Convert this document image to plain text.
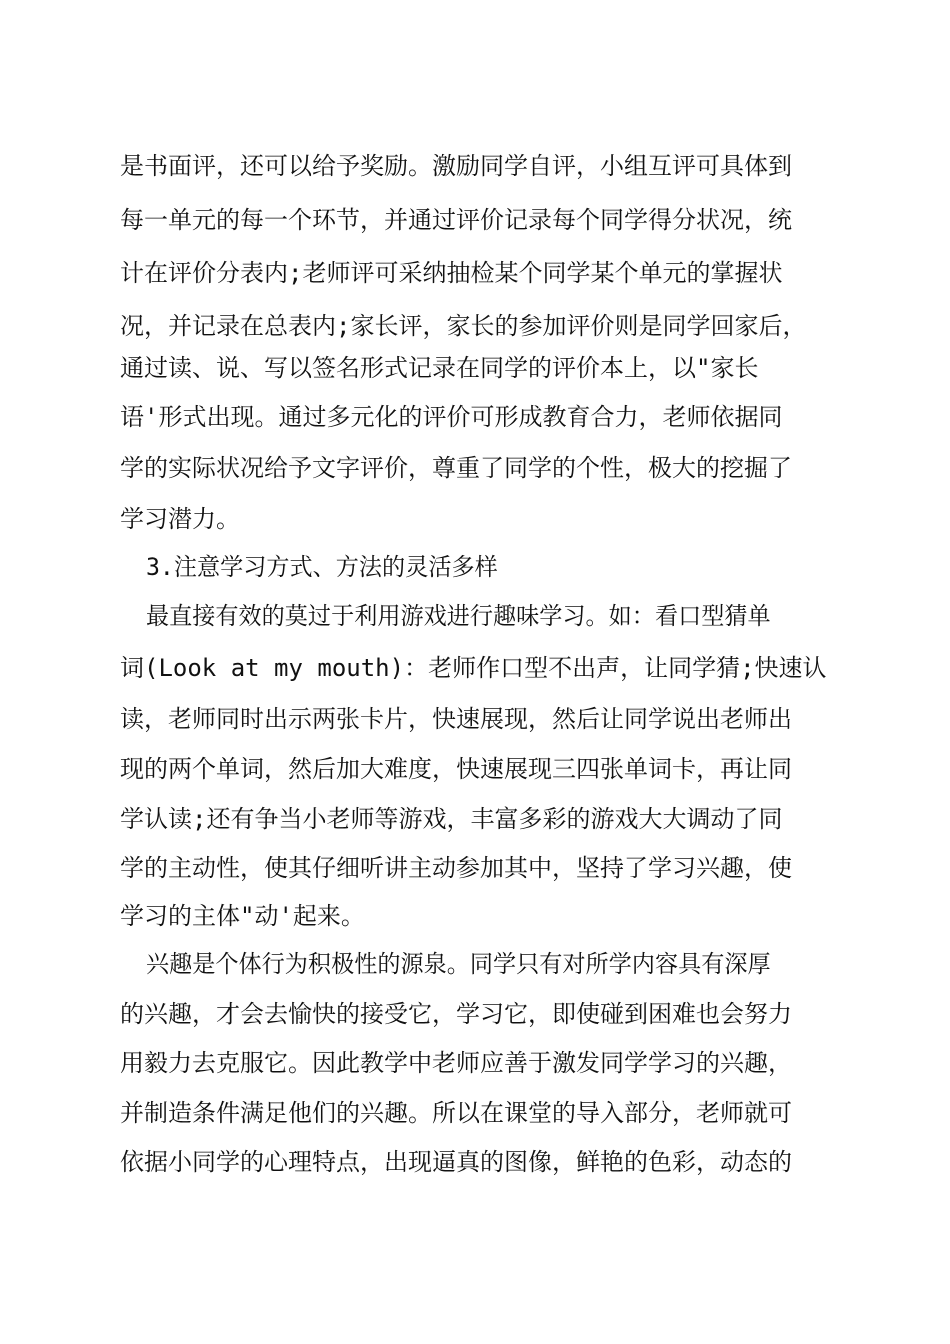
是书面评，还可以给予奖励。激励同学自评，小组互评可具体到
每一单元的每一个环节，并通过评价记录每个同学得分状况，统
计在评价分表内;老师评可采纳抽检某个同学某个单元的掌握状
况，并记录在总表内;家长评，家长的参加评价则是同学回家后，
通过读、说、写以签名形式记录在同学的评价本上，以"家长
语'形式出现。通过多元化的评价可形成教育合力，老师依据同
学的实际状况给予文字评价，尊重了同学的个性，极大的挖掘了
学习潜力。
3.注意学习方式、方法的灵活多样
最直接有效的莫过于利用游戏进行趣味学习。如：看口型猜单
词(Look at my mouth)：老师作口型不出声，让同学猜;快速认
读，老师同时出示两张卡片，快速展现，然后让同学说出老师出
现的两个单词，然后加大难度，快速展现三四张单词卡，再让同
学认读;还有争当小老师等游戏，丰富多彩的游戏大大调动了同
学的主动性，使其仔细听讲主动参加其中，坚持了学习兴趣，使
学习的主体"动'起来。
兴趣是个体行为积极性的源泉。同学只有对所学内容具有深厚
的兴趣，才会去愉快的接受它，学习它，即使碰到困难也会努力
用毅力去克服它。因此教学中老师应善于激发同学学习的兴趣，
并制造条件满足他们的兴趣。所以在课堂的导入部分，老师就可
依据小同学的心理特点，出现逼真的图像，鲜艳的色彩，动态的
